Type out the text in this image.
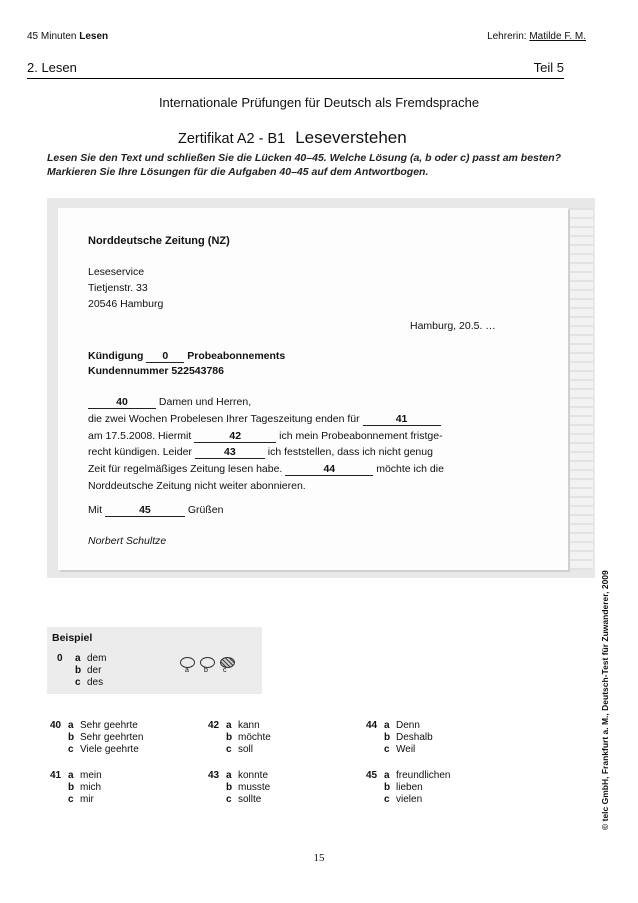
45 Minuten Lesen	Lehrerin: Matilde F. M.
2. Lesen	Teil 5
Internationale Prüfungen für Deutsch als Fremdsprache
Zertifikat A2 - B1 Leseverstehen
Lesen Sie den Text und schließen Sie die Lücken 40–45. Welche Lösung (a, b oder c) passt am besten?
Markieren Sie Ihre Lösungen für die Aufgaben 40–45 auf dem Antwortbogen.
Norddeutsche Zeitung (NZ)
Leseservice
Tietjenstr. 33
20546 Hamburg
Hamburg, 20.5. …
Kündigung 0 Probeabonnements
Kundennummer 522543786
40	Damen und Herren,
die zwei Wochen Probelesen Ihrer Tageszeitung enden für	41
am 17.5.2008. Hiermit	42	ich mein Probeabonnement fristge-
recht kündigen. Leider	43	ich feststellen, dass ich nicht genug
Zeit für regelmäßiges Zeitung lesen habe.	44	möchte ich die
Norddeutsche Zeitung nicht weiter abonnieren.
Mit	45	Grüßen
Norbert Schultze
© telc GmbH, Frankfurt a. M., Deutsch-Test für Zuwanderer, 2009
Beispiel
0 a dem
b der
c des
a b c
40 a Sehr geehrte
b Sehr geehrten
c Viele geehrte
41 a mein
b mich
c mir
42 a kann
b möchte
c soll
43 a konnte
b musste
c sollte
44 a Denn
b Deshalb
c Weil
45 a freundlichen
b lieben
c vielen
15
